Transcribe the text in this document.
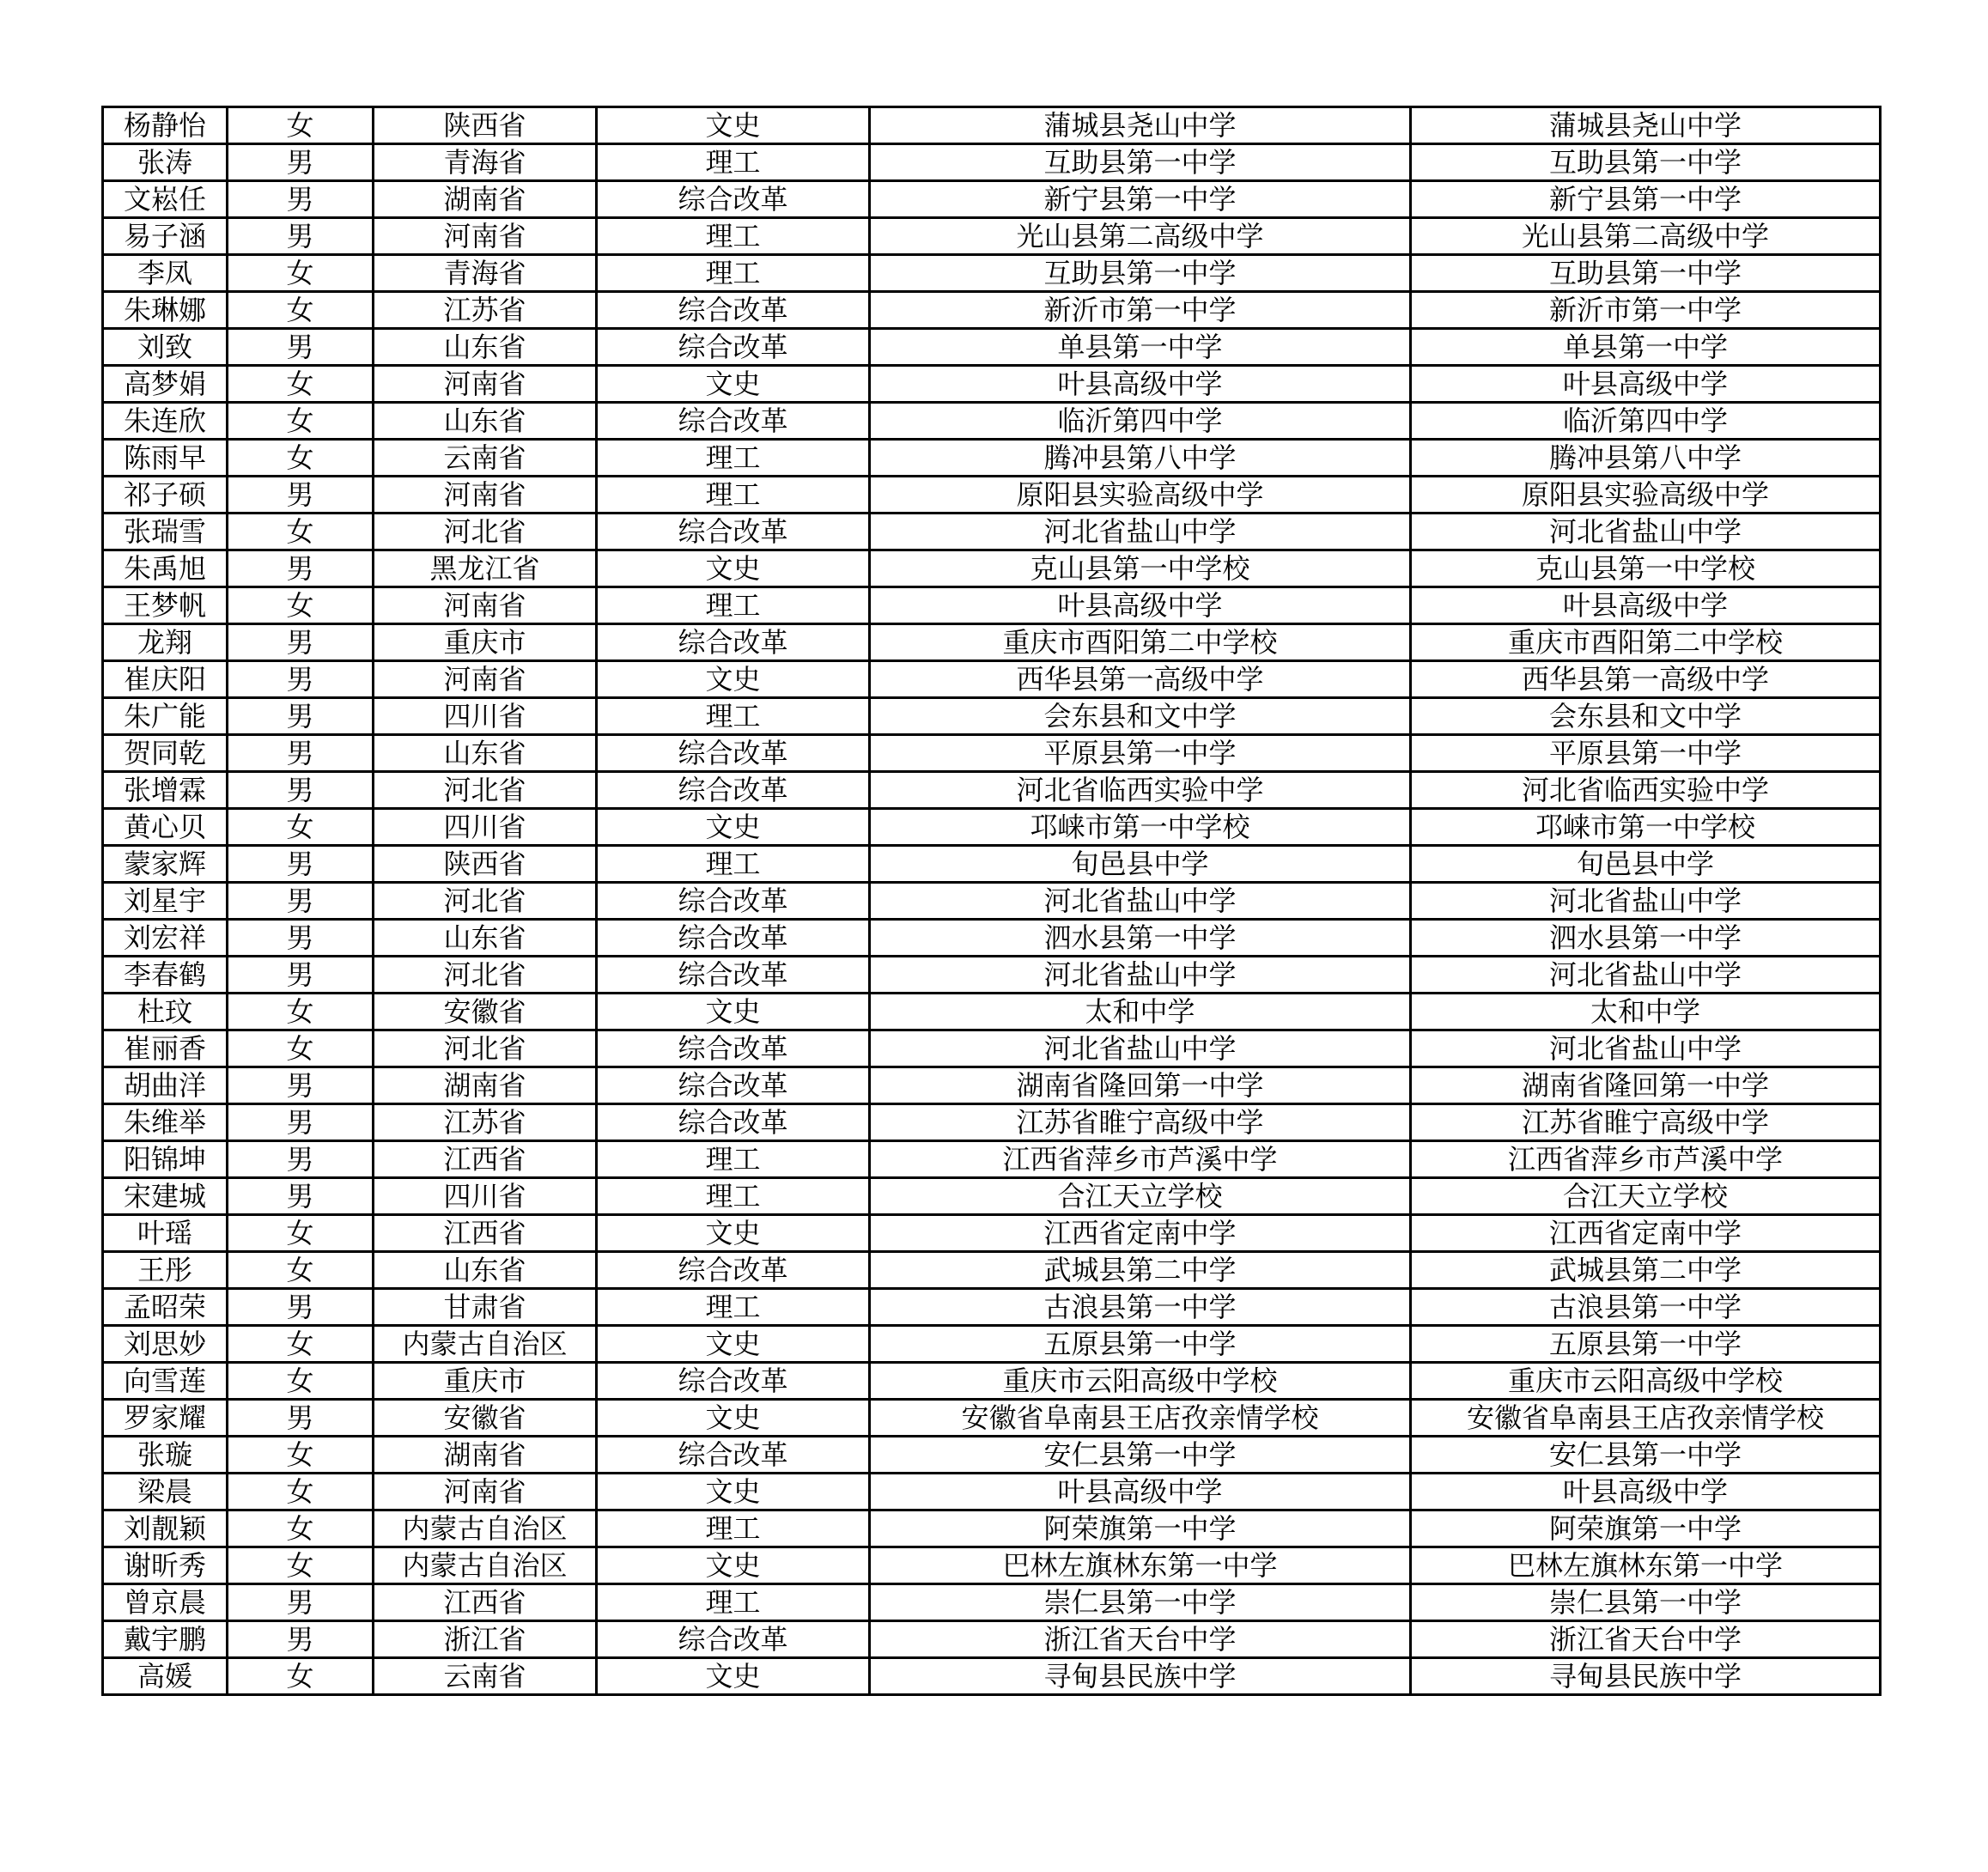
杨静怡	女	陕西省	文史	蒲城县尧山中学	蒲城县尧山中学
张涛	男	青海省	理工	互助县第一中学	互助县第一中学
文崧任	男	湖南省	综合改革	新宁县第一中学	新宁县第一中学
易子涵	男	河南省	理工	光山县第二高级中学	光山县第二高级中学
李凤	女	青海省	理工	互助县第一中学	互助县第一中学
朱琳娜	女	江苏省	综合改革	新沂市第一中学	新沂市第一中学
刘致	男	山东省	综合改革	单县第一中学	单县第一中学
高梦娟	女	河南省	文史	叶县高级中学	叶县高级中学
朱连欣	女	山东省	综合改革	临沂第四中学	临沂第四中学
陈雨早	女	云南省	理工	腾冲县第八中学	腾冲县第八中学
祁子硕	男	河南省	理工	原阳县实验高级中学	原阳县实验高级中学
张瑞雪	女	河北省	综合改革	河北省盐山中学	河北省盐山中学
朱禹旭	男	黑龙江省	文史	克山县第一中学校	克山县第一中学校
王梦帆	女	河南省	理工	叶县高级中学	叶县高级中学
龙翔	男	重庆市	综合改革	重庆市酉阳第二中学校	重庆市酉阳第二中学校
崔庆阳	男	河南省	文史	西华县第一高级中学	西华县第一高级中学
朱广能	男	四川省	理工	会东县和文中学	会东县和文中学
贺同乾	男	山东省	综合改革	平原县第一中学	平原县第一中学
张增霖	男	河北省	综合改革	河北省临西实验中学	河北省临西实验中学
黄心贝	女	四川省	文史	邛崃市第一中学校	邛崃市第一中学校
蒙家辉	男	陕西省	理工	旬邑县中学	旬邑县中学
刘星宇	男	河北省	综合改革	河北省盐山中学	河北省盐山中学
刘宏祥	男	山东省	综合改革	泗水县第一中学	泗水县第一中学
李春鹤	男	河北省	综合改革	河北省盐山中学	河北省盐山中学
杜玟	女	安徽省	文史	太和中学	太和中学
崔丽香	女	河北省	综合改革	河北省盐山中学	河北省盐山中学
胡曲洋	男	湖南省	综合改革	湖南省隆回第一中学	湖南省隆回第一中学
朱维举	男	江苏省	综合改革	江苏省睢宁高级中学	江苏省睢宁高级中学
阳锦坤	男	江西省	理工	江西省萍乡市芦溪中学	江西省萍乡市芦溪中学
宋建城	男	四川省	理工	合江天立学校	合江天立学校
叶瑶	女	江西省	文史	江西省定南中学	江西省定南中学
王彤	女	山东省	综合改革	武城县第二中学	武城县第二中学
孟昭荣	男	甘肃省	理工	古浪县第一中学	古浪县第一中学
刘思妙	女	内蒙古自治区	文史	五原县第一中学	五原县第一中学
向雪莲	女	重庆市	综合改革	重庆市云阳高级中学校	重庆市云阳高级中学校
罗家耀	男	安徽省	文史	安徽省阜南县王店孜亲情学校	安徽省阜南县王店孜亲情学校
张璇	女	湖南省	综合改革	安仁县第一中学	安仁县第一中学
梁晨	女	河南省	文史	叶县高级中学	叶县高级中学
刘靓颖	女	内蒙古自治区	理工	阿荣旗第一中学	阿荣旗第一中学
谢昕秀	女	内蒙古自治区	文史	巴林左旗林东第一中学	巴林左旗林东第一中学
曾京晨	男	江西省	理工	崇仁县第一中学	崇仁县第一中学
戴宇鹏	男	浙江省	综合改革	浙江省天台中学	浙江省天台中学
高媛	女	云南省	文史	寻甸县民族中学	寻甸县民族中学
